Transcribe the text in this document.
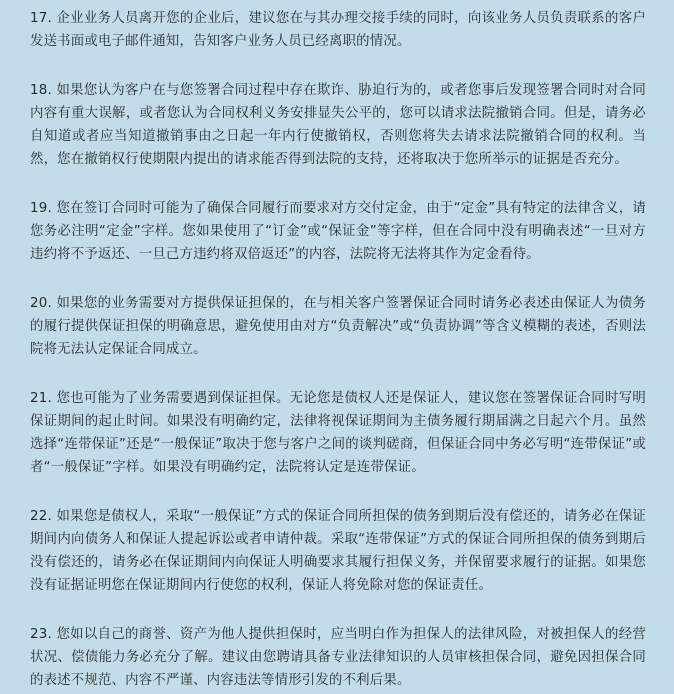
17. 企业业务人员离开您的企业后，建议您在与其办理交接手续的同时，向该业务人员负责联系的客户发送书面或电子邮件通知，告知客户业务人员已经离职的情况。

18. 如果您认为客户在与您签署合同过程中存在欺诈、胁迫行为的，或者您事后发现签署合同时对合同内容有重大误解，或者您认为合同权利义务安排显失公平的，您可以请求法院撤销合同。但是，请务必自知道或者应当知道撤销事由之日起一年内行使撤销权，否则您将失去请求法院撤销合同的权利。当然，您在撤销权行使期限内提出的请求能否得到法院的支持，还将取决于您所举示的证据是否充分。

19. 您在签订合同时可能为了确保合同履行而要求对方交付定金，由于“定金”具有特定的法律含义，请您务必注明“定金”字样。您如果使用了“订金”或“保证金”等字样，但在合同中没有明确表述“一旦对方违约将不予返还、一旦己方违约将双倍返还”的内容，法院将无法将其作为定金看待。

20. 如果您的业务需要对方提供保证担保的，在与相关客户签署保证合同时请务必表述由保证人为债务的履行提供保证担保的明确意思，避免使用由对方“负责解决”或“负责协调”等含义模糊的表述，否则法院将无法认定保证合同成立。

21. 您也可能为了业务需要遇到保证担保。无论您是债权人还是保证人，建议您在签署保证合同时写明保证期间的起止时间。如果没有明确约定，法律将视保证期间为主债务履行期届满之日起六个月。虽然选择“连带保证”还是“一般保证”取决于您与客户之间的谈判磋商，但保证合同中务必写明“连带保证”或者“一般保证”字样。如果没有明确约定，法院将认定是连带保证。

22. 如果您是债权人，采取“一般保证”方式的保证合同所担保的债务到期后没有偿还的，请务必在保证期间内向债务人和保证人提起诉讼或者申请仲裁。采取“连带保证”方式的保证合同所担保的债务到期后没有偿还的，请务必在保证期间内向保证人明确要求其履行担保义务，并保留要求履行的证据。如果您没有证据证明您在保证期间内行使您的权利，保证人将免除对您的保证责任。

23. 您如以自己的商誉、资产为他人提供担保时，应当明白作为担保人的法律风险，对被担保人的经营状况、偿债能力务必充分了解。建议由您聘请具备专业法律知识的人员审核担保合同，避免因担保合同的表述不规范、内容不严谨、内容违法等情形引发的不利后果。
